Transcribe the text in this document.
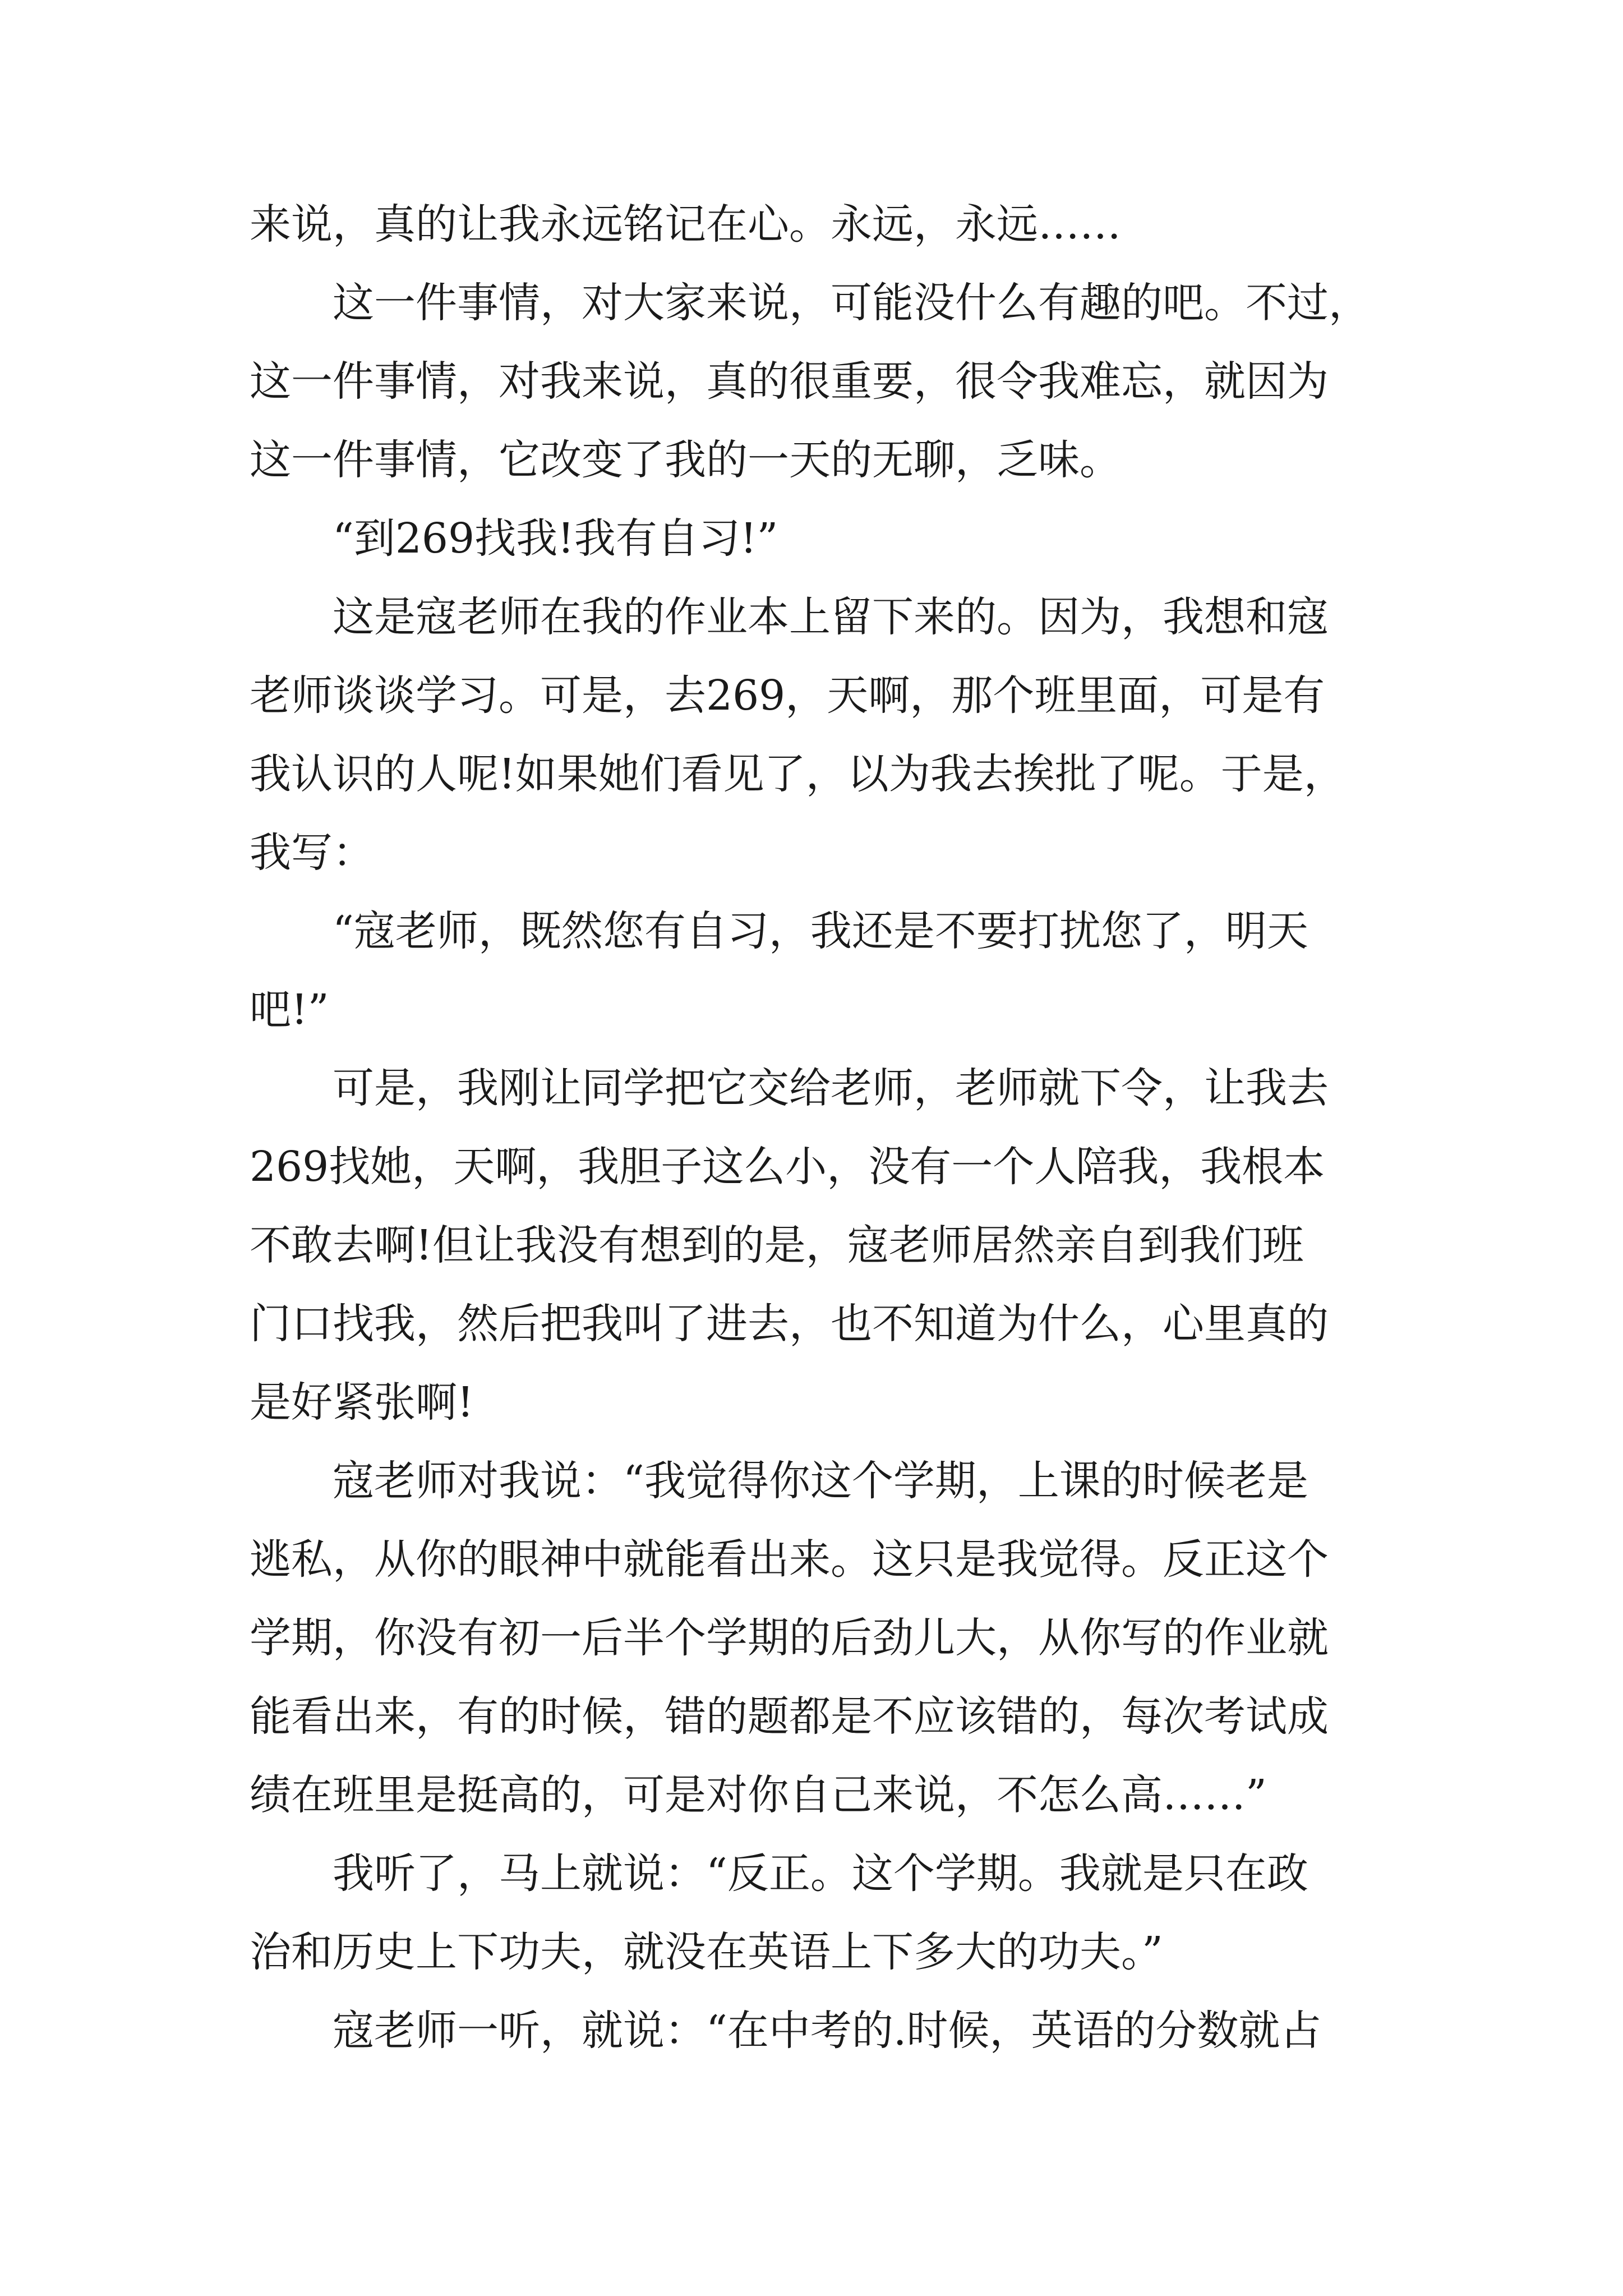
来说，真的让我永远铭记在心。永远，永远……
　　这一件事情，对大家来说，可能没什么有趣的吧。不过，
这一件事情，对我来说，真的很重要，很令我难忘，就因为
这一件事情，它改变了我的一天的无聊，乏味。
　　“到269找我!我有自习!”
　　这是寇老师在我的作业本上留下来的。因为，我想和寇
老师谈谈学习。可是，去269，天啊，那个班里面，可是有
我认识的人呢!如果她们看见了，以为我去挨批了呢。于是，
我写：
　　“寇老师，既然您有自习，我还是不要打扰您了，明天
吧!”
　　可是，我刚让同学把它交给老师，老师就下令，让我去
269找她，天啊，我胆子这么小，没有一个人陪我，我根本
不敢去啊!但让我没有想到的是，寇老师居然亲自到我们班
门口找我，然后把我叫了进去，也不知道为什么，心里真的
是好紧张啊!
　　寇老师对我说：“我觉得你这个学期，上课的时候老是
逃私，从你的眼神中就能看出来。这只是我觉得。反正这个
学期，你没有初一后半个学期的后劲儿大，从你写的作业就
能看出来，有的时候，错的题都是不应该错的，每次考试成
绩在班里是挺高的，可是对你自己来说，不怎么高……”
　　我听了，马上就说：“反正。这个学期。我就是只在政
治和历史上下功夫，就没在英语上下多大的功夫。”
　　寇老师一听，就说：“在中考的.时候，英语的分数就占
